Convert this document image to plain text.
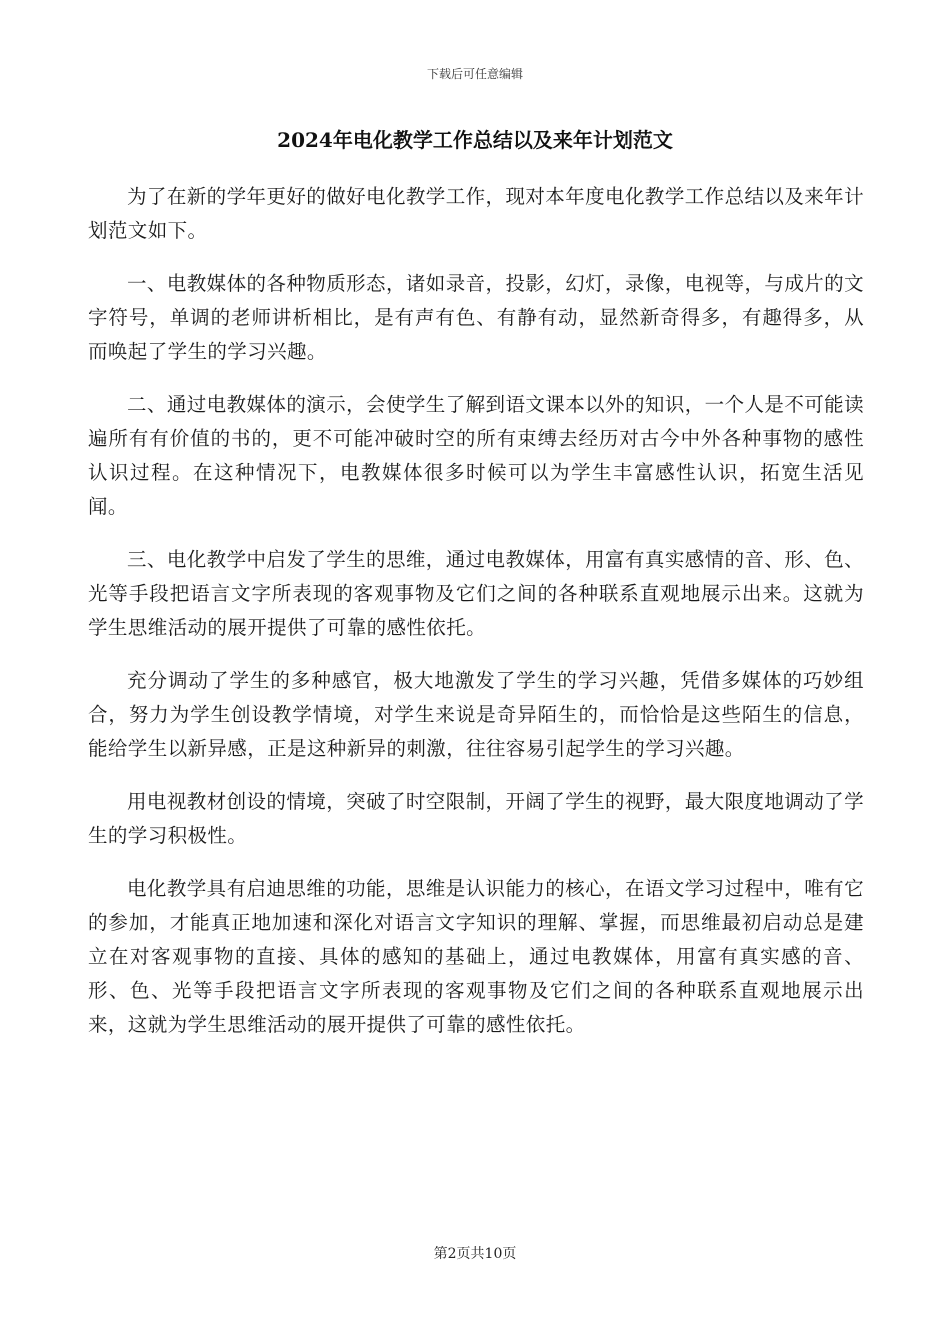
下载后可任意编辑
2024年电化教学工作总结以及来年计划范文

为了在新的学年更好的做好电化教学工作，现对本年度电化教学工作总结以及来年计划范文如下。

一、电教媒体的各种物质形态，诸如录音，投影，幻灯，录像，电视等，与成片的文字符号，单调的老师讲析相比，是有声有色、有静有动，显然新奇得多，有趣得多，从而唤起了学生的学习兴趣。

二、通过电教媒体的演示，会使学生了解到语文课本以外的知识，一个人是不可能读遍所有有价值的书的，更不可能冲破时空的所有束缚去经历对古今中外各种事物的感性认识过程。在这种情况下，电教媒体很多时候可以为学生丰富感性认识，拓宽生活见闻。

三、电化教学中启发了学生的思维，通过电教媒体，用富有真实感情的音、形、色、光等手段把语言文字所表现的客观事物及它们之间的各种联系直观地展示出来。这就为学生思维活动的展开提供了可靠的感性依托。

充分调动了学生的多种感官，极大地激发了学生的学习兴趣，凭借多媒体的巧妙组合，努力为学生创设教学情境，对学生来说是奇异陌生的，而恰恰是这些陌生的信息，能给学生以新异感，正是这种新异的刺激，往往容易引起学生的学习兴趣。

用电视教材创设的情境，突破了时空限制，开阔了学生的视野，最大限度地调动了学生的学习积极性。

电化教学具有启迪思维的功能，思维是认识能力的核心，在语文学习过程中，唯有它的参加，才能真正地加速和深化对语言文字知识的理解、掌握，而思维最初启动总是建立在对客观事物的直接、具体的感知的基础上，通过电教媒体，用富有真实感的音、形、色、光等手段把语言文字所表现的客观事物及它们之间的各种联系直观地展示出来，这就为学生思维活动的展开提供了可靠的感性依托。

第2页共10页
